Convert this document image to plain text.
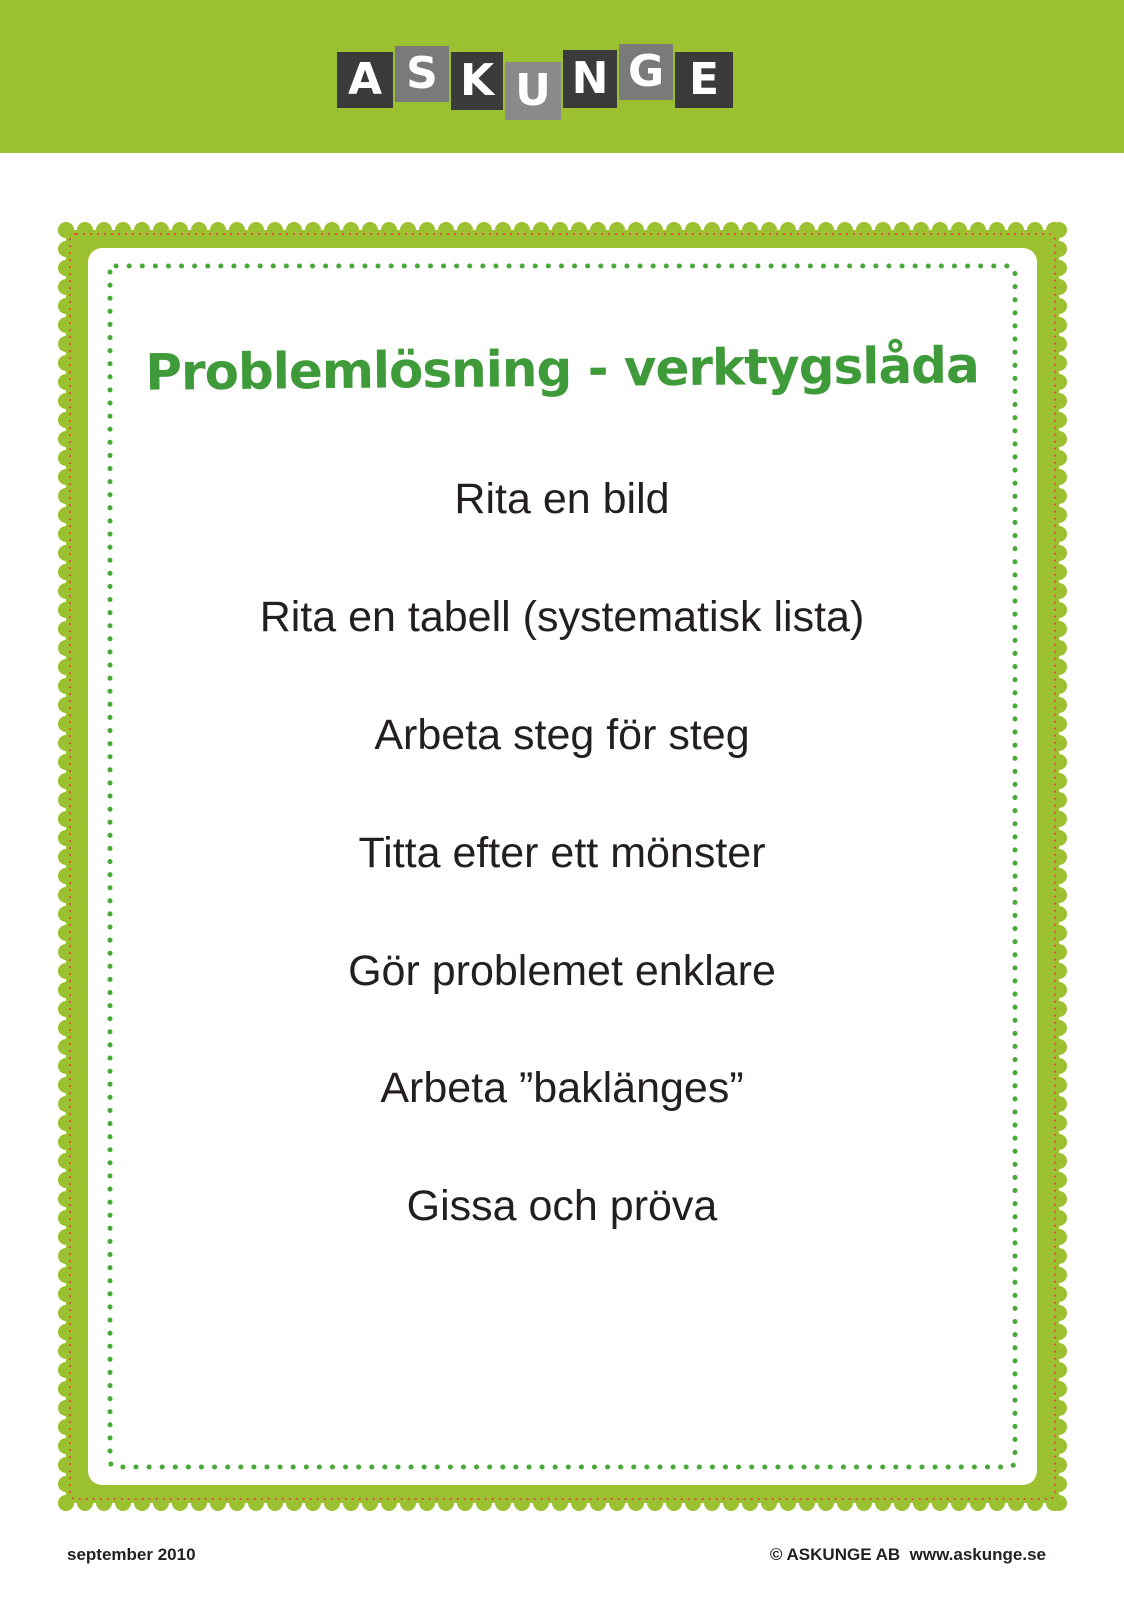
A S K U N G E
Problemlösning - verktygslåda
Rita en bild
Rita en tabell (systematisk lista)
Arbeta steg för steg
Titta efter ett mönster
Gör problemet enklare
Arbeta ”baklänges”
Gissa och pröva
september 2010	© ASKUNGE AB  www.askunge.se
